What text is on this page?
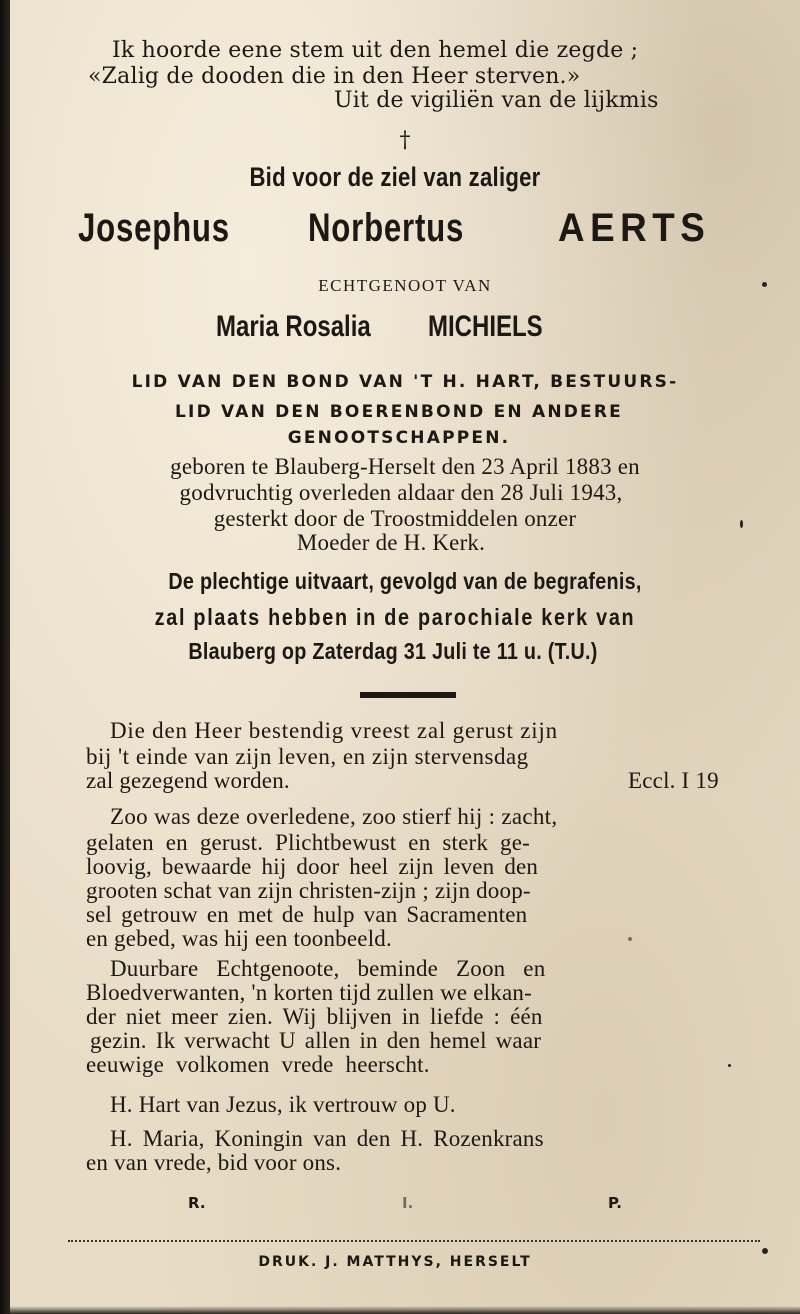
Ik hoorde eene stem uit den hemel die zegde ;
«Zalig de dooden die in den Heer sterven.»
Uit de vigiliën van de lijkmis
†
Bid voor de ziel van zaliger
Josephus Norbertus AERTS
ECHTGENOOT VAN
Maria Rosalia MICHIELS
LID VAN DEN BOND VAN 'T H. HART, BESTUURS-
LID VAN DEN BOERENBOND EN ANDERE
GENOOTSCHAPPEN.
geboren te Blauberg-Herselt den 23 April 1883 en
godvruchtig overleden aldaar den 28 Juli 1943,
gesterkt door de Troostmiddelen onzer
Moeder de H. Kerk.
De plechtige uitvaart, gevolgd van de begrafenis,
zal plaats hebben in de parochiale kerk van
Blauberg op Zaterdag 31 Juli te 11 u. (T.U.)
Die den Heer bestendig vreest zal gerust zijn
bij 't einde van zijn leven, en zijn stervensdag
zal gezegend worden.	Eccl. I 19
Zoo was deze overledene, zoo stierf hij : zacht,
gelaten en gerust. Plichtbewust en sterk ge-
loovig, bewaarde hij door heel zijn leven den
grooten schat van zijn christen-zijn ; zijn doop-
sel getrouw en met de hulp van Sacramenten
en gebed, was hij een toonbeeld.
Duurbare Echtgenoote, beminde Zoon en
Bloedverwanten, 'n korten tijd zullen we elkan-
der niet meer zien. Wij blijven in liefde : één
gezin. Ik verwacht U allen in den hemel waar
eeuwige volkomen vrede heerscht.
H. Hart van Jezus, ik vertrouw op U.
H. Maria, Koningin van den H. Rozenkrans
en van vrede, bid voor ons.
R.	I.	P.
DRUK. J. MATTHYS, HERSELT
